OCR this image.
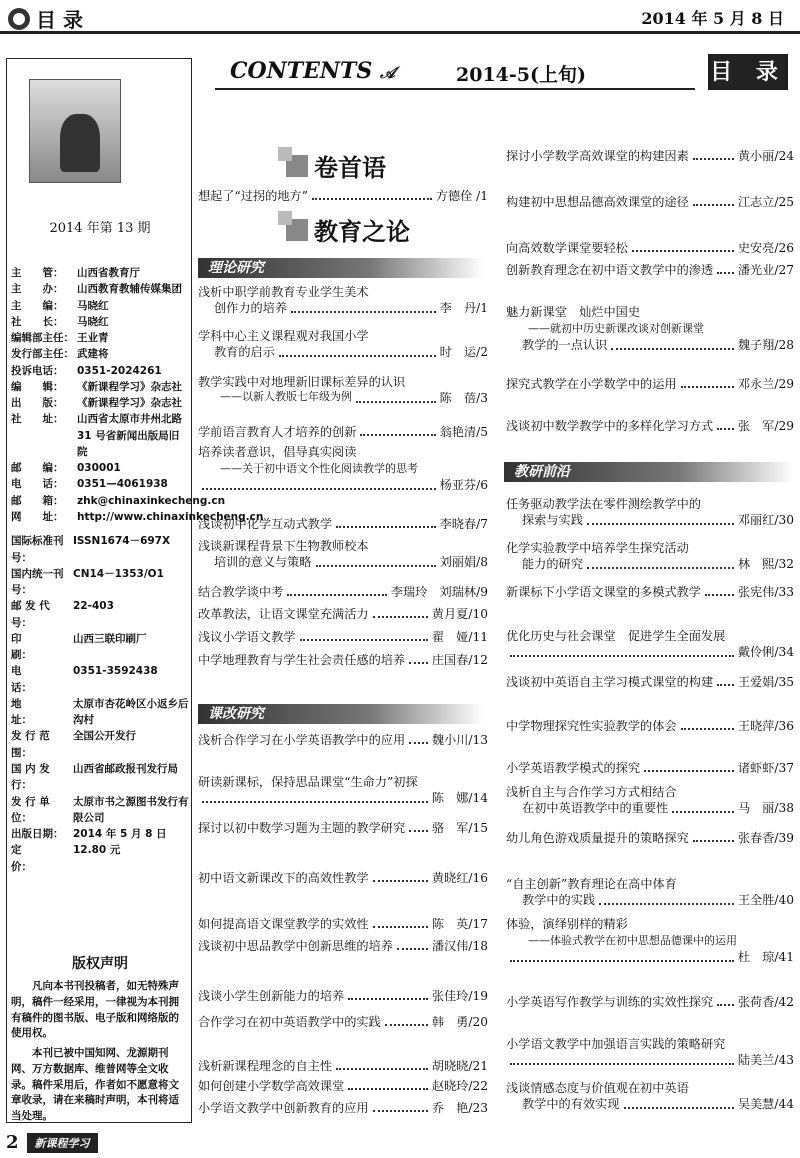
目 录	2014 年 5 月 8 日
CONTENTS 𝒜	2014-5(上旬)	目 录
2014 年第 13 期
主　　管：	山西省教育厅
主　　办：	山西教育教辅传媒集团
主　　编：	马晓红
社　　长：	马晓红
编辑部主任： 王业青
发行部主任： 武建将
投诉电话：	0351-2024261
编　　辑：	《新课程学习》杂志社
出　　版：	《新课程学习》杂志社
社　　址：	山西省太原市井州北路 31 号省新闻出版局旧院
邮　　编：	030001
电　　话：	0351—4061938
邮　　箱：	zhk@chinaxinkecheng.cn
网　　址：	http://www.chinaxinkecheng.cn
国际标准刊号：
ISSN1674－697X
国内统一刊号：
CN14－1353/O1
邮 发 代 号：
22-403
印　　　　刷：
山西三联印刷厂
电　　　　话：
0351-3592438
地　　　　址：
太原市杏花岭区小返乡后沟村
发 行 范 围：
全国公开发行
国 内 发 行：
山西省邮政报刊发行局
发 行 单 位：
太原市书之源图书发行有限公司
出版日期： 2014 年 5 月 8 日
定　　　价：
12.80 元
版权声明

凡向本书刊投稿者，如无特殊声明，稿件一经采用，一律视为本刊拥有稿件的图书版、电子版和网络版的使用权。

本刊已被中国知网、龙源期刊网、万方数据库、维普网等全文收录。稿件采用后，作者如不愿意将文章收录，请在来稿时声明，本刊将适当处理。

卷首语
教育之论
理论研究
课改研究
教研前沿
想起了“过拐的地方”	方德佺 /1
浅析中职学前教育专业学生美术
创作力的培养	李　丹/1
学科中心主义课程观对我国小学
教育的启示	时　运/2
教学实践中对地理新旧课标差异的认识
——以新人教版七年级为例	陈　蓓/3
学前语言教育人才培养的创新	翁艳清/5
培养读者意识，倡导真实阅读
——关于初中语文个性化阅读教学的思考
杨亚芬/6
浅谈初中化学互动式教学	李晓春/7
浅谈新课程背景下生物教师校本
培训的意义与策略	刘丽娟/8
结合教学谈中考	李瑞玲　刘瑞林/9
改革教法，让语文课堂充满活力	黄月夏/10
浅议小学语文教学	翟　娅/11
中学地理教育与学生社会责任感的培养 庄国春/12
浅析合作学习在小学英语教学中的应用 魏小川/13
研读新课标，保持思品课堂“生命力”初探
陈　娜/14
探讨以初中数学习题为主题的教学研究 骆　军/15
初中语文新课改下的高效性教学	黄晓红/16
如何提高语文课堂教学的实效性	陈　英/17
浅谈初中思品教学中创新思维的培养	潘汉伟/18
浅谈小学生创新能力的培养	张佳玲/19
合作学习在初中英语教学中的实践	韩　勇/20
浅析新课程理念的自主性	胡晓晓/21
如何创建小学数学高效课堂	赵晓玲/22
小学语文教学中创新教育的应用	乔　艳/23
探讨小学数学高效课堂的构建因素	黄小丽/24
构建初中思想品德高效课堂的途径	江志立/25
向高效数学课堂要轻松	史安亮/26
创新教育理念在初中语文教学中的渗透 潘光业/27
魅力新课堂　灿烂中国史
——就初中历史新课改谈对创新课堂
教学的一点认识	魏子翔/28
探究式教学在小学数学中的运用	邓永兰/29
浅谈初中数学教学中的多样化学习方式 张　军/29
任务驱动教学法在零件测绘教学中的
探索与实践	邓丽红/30
化学实验教学中培养学生探究活动
能力的研究	林　熙/32
新课标下小学语文课堂的多模式教学	张宪伟/33
优化历史与社会课堂　促进学生全面发展
戴伶俐/34
浅谈初中英语自主学习模式课堂的构建 王爱娟/35
中学物理探究性实验教学的体会	王晓萍/36
小学英语教学模式的探究	诸虾虾/37
浅析自主与合作学习方式相结合
在初中英语教学中的重要性	马　丽/38
幼儿角色游戏质量提升的策略探究	张春香/39
“自主创新”教育理论在高中体育
教学中的实践	王全胜/40
体验，演绎别样的精彩
——体验式教学在初中思想品德课中的运用
杜　琼/41
小学英语写作教学与训练的实效性探究 张荷香/42
小学语文教学中加强语言实践的策略研究
陆美兰/43
浅谈情感态度与价值观在初中英语
教学中的有效实现	吴美慧/44
2	新课程学习
